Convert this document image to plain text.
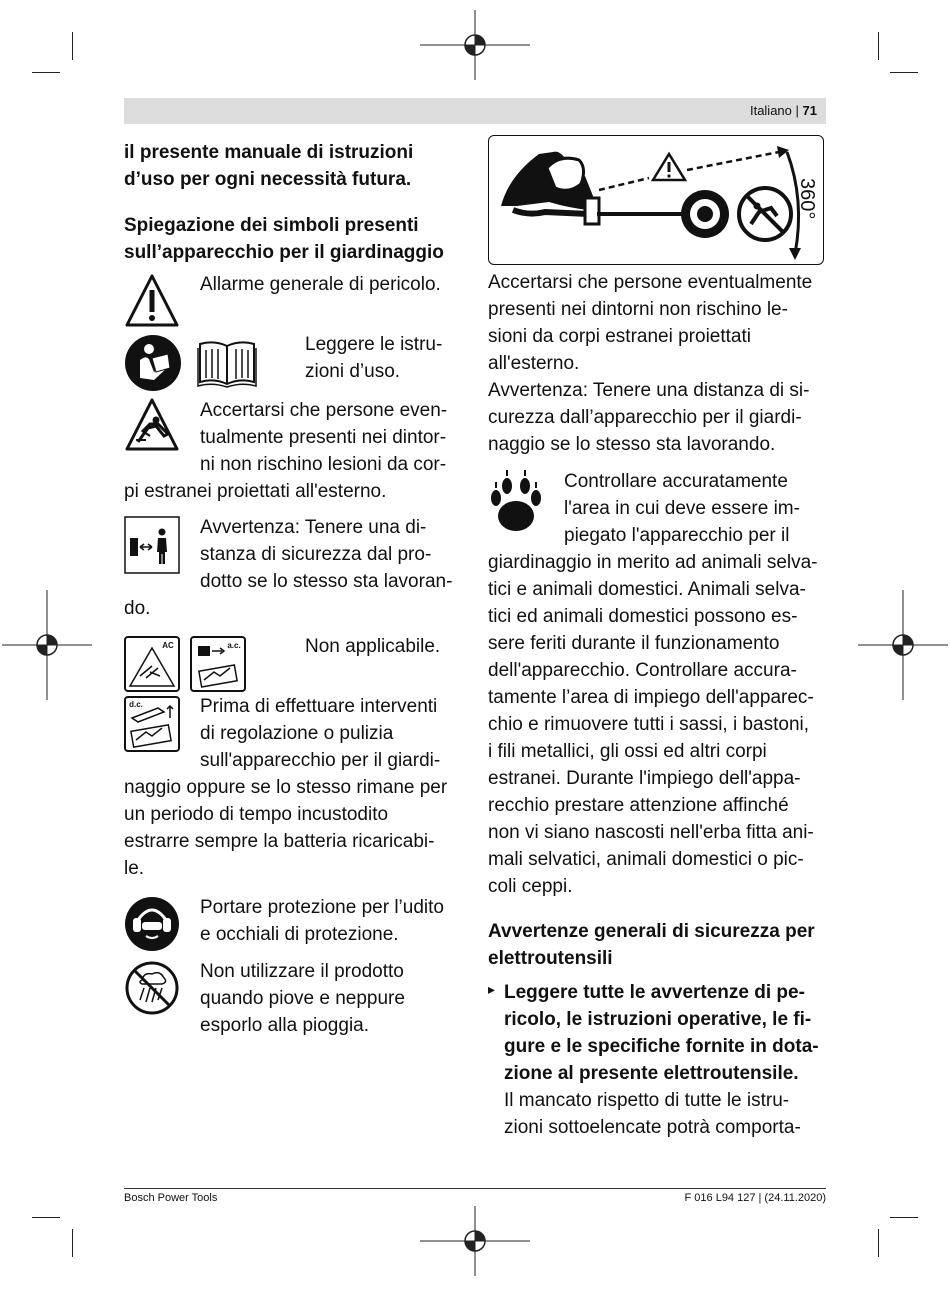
Italiano | 71

il presente manuale di istruzioni

d’uso per ogni necessità futura.

Spiegazione dei simboli presenti

sull’apparecchio per il giardinaggio

Allarme generale di pericolo.

Leggere le istru-

zioni d’uso.

Accertarsi che persone even-

tualmente presenti nei dintor-

ni non rischino lesioni da cor-

pi estranei proiettati all'esterno.

Avvertenza: Tenere una di-

stanza di sicurezza dal pro-

dotto se lo stesso sta lavoran-

do.

AC	a.c.	Non applicabile.

d.c.	Prima di effettuare interventi

di regolazione o pulizia

sull'apparecchio per il giardi-

naggio oppure se lo stesso rimane per

un periodo di tempo incustodito

estrarre sempre la batteria ricaricabi-

le.

Portare protezione per l’udito

e occhiali di protezione.

Non utilizzare il prodotto

quando piove e neppure

esporlo alla pioggia.

360°

Accertarsi che persone eventualmente

presenti nei dintorni non rischino le-

sioni da corpi estranei proiettati

all'esterno.

Avvertenza: Tenere una distanza di si-

curezza dall’apparecchio per il giardi-

naggio se lo stesso sta lavorando.

Controllare accuratamente

l'area in cui deve essere im-

piegato l'apparecchio per il

giardinaggio in merito ad animali selva-

tici e animali domestici. Animali selva-

tici ed animali domestici possono es-

sere feriti durante il funzionamento

dell'apparecchio. Controllare accura-

tamente l’area di impiego dell'apparec-

chio e rimuovere tutti i sassi, i bastoni,

i fili metallici, gli ossi ed altri corpi

estranei. Durante l'impiego dell'appa-

recchio prestare attenzione affinché

non vi siano nascosti nell'erba fitta ani-

mali selvatici, animali domestici o pic-

coli ceppi.

Avvertenze generali di sicurezza per

elettroutensili

▸ Leggere tutte le avvertenze di pe-

ricolo, le istruzioni operative, le fi-

gure e le specifiche fornite in dota-

zione al presente elettroutensile.

Il mancato rispetto di tutte le istru-

zioni sottoelencate potrà comporta-

Bosch Power Tools	F 016 L94 127 | (24.11.2020)
